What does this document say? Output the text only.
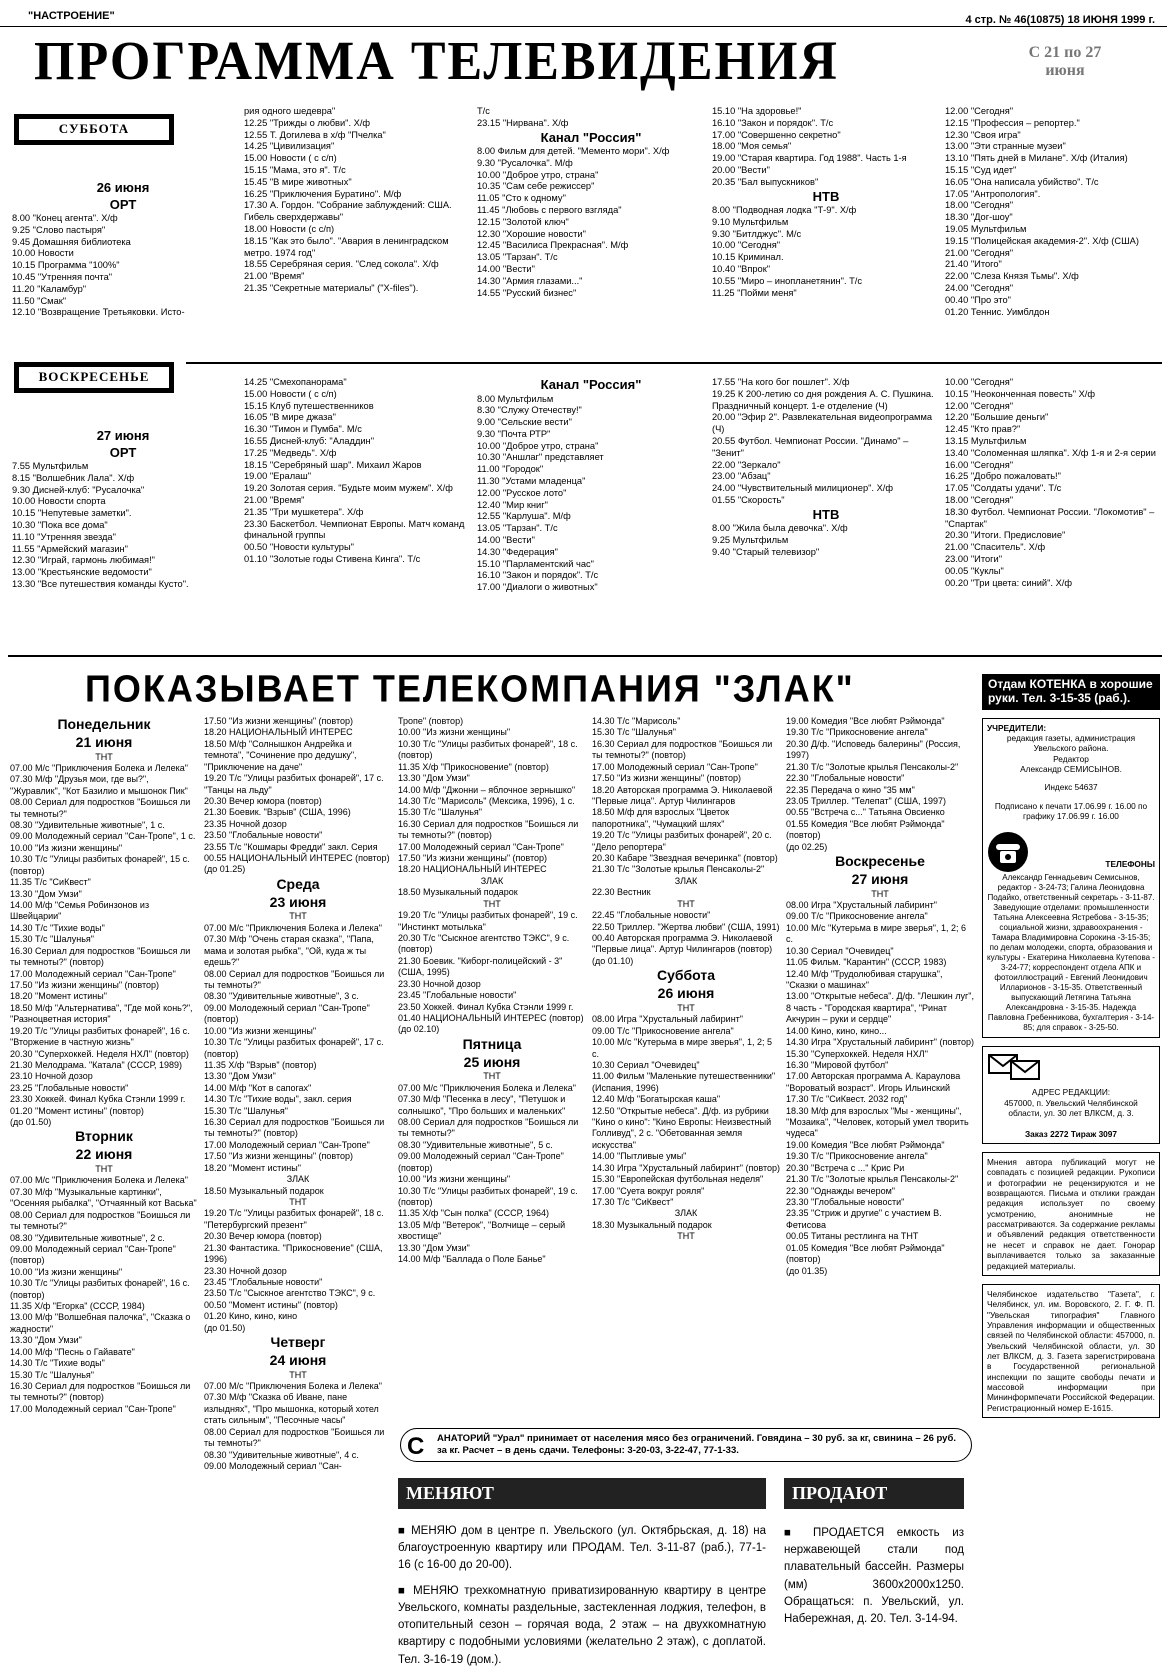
"НАСТРОЕНИЕ"	4 стр. № 46(10875) 18 ИЮНЯ 1999 г.
ПРОГРАММА ТЕЛЕВИДЕНИЯ	С 21 по 27
июня
СУББОТА

26 июня

ОРТ

8.00 "Конец агента". Х/ф

9.25 "Слово пастыря"

9.45 Домашняя библиотека

10.00 Новости

10.15 Программа "100%"

10.45 "Утренняя почта"

11.20 "Каламбур"

11.50 "Смак"

12.10 "Возвращение Третьяковки. Исто-

рия одного шедевра"

12.25 "Трижды о любви". Х/ф

12.55 Т. Догилева в х/ф "Пчелка"

14.25 "Цивилизация"

15.00 Новости ( с с/п)

15.15 "Мама, это я". Т/с

15.45 "В мире животных"

16.25 "Приключения Буратино". М/ф

17.30 А. Гордон. "Собрание заблуждений: США. Гибель сверхдержавы"

18.00 Новости (с с/п)

18.15 "Как это было". "Авария в ленинградском метро. 1974 год"

18.55 Серебряная серия. "След сокола". Х/ф

21.00 "Время"

21.35 "Секретные материалы" ("X-files").

Т/с

23.15 "Нирвана". Х/ф

Канал "Россия"

8.00 Фильм для детей. "Мементо мори". Х/ф

9.30 "Русалочка". М/ф

10.00 "Доброе утро, страна"

10.35 "Сам себе режиссер"

11.05 "Сто к одному"

11.45 "Любовь с первого взгляда"

12.15 "Золотой ключ"

12.30 "Хорошие новости"

12.45 "Василиса Прекрасная". М/ф

13.05 "Тарзан". Т/с

14.00 "Вести"

14.30 "Армия глазами..."

14.55 "Русский бизнес"

15.10 "На здоровье!"

16.10 "Закон и порядок". Т/с

17.00 "Совершенно секретно"

18.00 "Моя семья"

19.00 "Старая квартира. Год 1988". Часть 1-я

20.00 "Вести"

20.35 "Бал выпускников"

НТВ

8.00 "Подводная лодка "Т-9". Х/ф

9.10 Мультфильм

9.30 "Битлджус". М/с

10.00 "Сегодня"

10.15 Криминал.

10.40 "Впрок"

10.55 "Миро – инопланетянин". Т/с

11.25 "Пойми меня"

12.00 "Сегодня"

12.15 "Профессия – репортер."

12.30 "Своя игра"

13.00 "Эти странные музеи"

13.10 "Пять дней в Милане". Х/ф (Италия)

15.15 "Суд идет"

16.05 "Она написала убийство". Т/с

17.05 "Антропология".

18.00 "Сегодня"

18.30 "Дог-шоу"

19.05 Мультфильм

19.15 "Полицейская академия-2". Х/ф (США)

21.00 "Сегодня"

21.40 "Итого"

22.00 "Слеза Князя Тьмы". Х/ф

24.00 "Сегодня"

00.40 "Про это"

01.20 Теннис. Уимблдон

ВОСКРЕСЕНЬЕ

27 июня

ОРТ

7.55 Мультфильм

8.15 "Волшебник Лала". Х/ф

9.30 Дисней-клуб: "Русалочка"

10.00 Новости спорта

10.15 "Непутевые заметки".

10.30 "Пока все дома"

11.10 "Утренняя звезда"

11.55 "Армейский магазин"

12.30 "Играй, гармонь любимая!"

13.00 "Крестьянские ведомости"

13.30 "Все путешествия команды Кусто".

14.25 "Смехопанорама"

15.00 Новости ( с с/п)

15.15 Клуб путешественников

16.05 "В мире джаза"

16.30 "Тимон и Пумба". М/с

16.55 Дисней-клуб: "Аладдин"

17.25 "Медведь". Х/ф

18.15 "Серебряный шар". Михаил Жаров

19.00 "Ералаш"

19.20 Золотая серия. "Будьте моим мужем". Х/ф

21.00 "Время"

21.35 "Три мушкетера". Х/ф

23.30 Баскетбол. Чемпионат Европы. Матч команд финальной группы

00.50 "Новости культуры"

01.10 "Золотые годы Стивена Кинга". Т/с

Канал "Россия"

8.00 Мультфильм

8.30 "Служу Отечеству!"

9.00 "Сельские вести"

9.30 "Почта РТР"

10.00 "Доброе утро, страна"

10.30 "Аншлаг" представляет

11.00 "Городок"

11.30 "Устами младенца"

12.00 "Русское лото"

12.40 "Мир книг"

12.55 "Карлуша". М/ф

13.05 "Тарзан". Т/с

14.00 "Вести"

14.30 "Федерация"

15.10 "Парламентский час"

16.10 "Закон и порядок". Т/с

17.00 "Диалоги о животных"

17.55 "На кого бог пошлет". Х/ф

19.25 К 200-летию со дня рождения А. С. Пушкина. Праздничный концерт. 1-е отделение (Ч)

20.00 "Эфир 2". Развлекательная видеопрограмма (Ч)

20.55 Футбол. Чемпионат России. "Динамо" – "Зенит"

22.00 "Зеркало"

23.00 "Абзац"

24.00 "Чувствительный милиционер". Х/ф

01.55 "Скорость"

НТВ

8.00 "Жила была девочка". Х/ф

9.25 Мультфильм

9.40 "Старый телевизор"

10.00 "Сегодня"

10.15 "Неоконченная повесть" Х/ф

12.00 "Сегодня"

12.20 "Большие деньги"

12.45 "Кто прав?"

13.15 Мультфильм

13.40 "Соломенная шляпка". Х/ф 1-я и 2-я серии

16.00 "Сегодня"

16.25 "Добро пожаловать!"

17.05 "Солдаты удачи". Т/с

18.00 "Сегодня"

18.30 Футбол. Чемпионат России. "Локомотив" – "Спартак"

20.30 "Итоги. Предисловие"

21.00 "Спаситель". Х/ф

23.00 "Итоги"

00.05 "Куклы"

00.20 "Три цвета: синий". Х/ф

ПОКАЗЫВАЕТ ТЕЛЕКОМПАНИЯ "ЗЛАК"

Понедельник

21 июня

ТНТ

07.00 М/с "Приключения Болека и Лелека"

07.30 М/ф "Друзья мои, где вы?", "Журавлик", "Кот Базилио и мышонок Пик"

08.00 Сериал для подростков "Боишься ли ты темноты?"

08.30 "Удивительные животные", 1 с.

09.00 Молодежный сериал "Сан-Тропе", 1 с.

10.00 "Из жизни женщины"

10.30 Т/с "Улицы разбитых фонарей", 15 с. (повтор)

11.35 Т/с "СиКвест"

13.30 "Дом Умзи"

14.00 М/ф "Семья Робинзонов из Швейцарии"

14.30 Т/с "Тихие воды"

15.30 Т/с "Шалунья"

16.30 Сериал для подростков "Боишься ли ты темноты?" (повтор)

17.00 Молодежный сериал "Сан-Тропе"

17.50 "Из жизни женщины" (повтор)

18.20 "Момент истины"

18.50 М/ф "Альтернатива", "Где мой конь?", "Разноцветная история"

19.20 Т/с "Улицы разбитых фонарей", 16 с. "Вторжение в частную жизнь"

20.30 "Суперхоккей. Неделя НХЛ" (повтор)

21.30 Мелодрама. "Катала" (СССР, 1989)

23.10 Ночной дозор

23.25 "Глобальные новости"

23.30 Хоккей. Финал Кубка Стэнли 1999 г.

01.20 "Момент истины" (повтор)

(до 01.50)

Вторник

22 июня

ТНТ

07.00 М/с "Приключения Болека и Лелека"

07.30 М/ф "Музыкальные картинки", "Осенняя рыбалка", "Отчаянный кот Васька"

08.00 Сериал для подростков "Боишься ли ты темноты?"

08.30 "Удивительные животные", 2 с.

09.00 Молодежный сериал "Сан-Тропе" (повтор)

10.00 "Из жизни женщины"

10.30 Т/с "Улицы разбитых фонарей", 16 с. (повтор)

11.35 Х/ф "Егорка" (СССР, 1984)

13.00 М/ф "Волшебная палочка", "Сказка о жадности"

13.30 "Дом Умзи"

14.00 М/ф "Песнь о Гайавате"

14.30 Т/с "Тихие воды"

15.30 Т/с "Шалунья"

16.30 Сериал для подростков "Боишься ли ты темноты?" (повтор)

17.00 Молодежный сериал "Сан-Тропе"

17.50 "Из жизни женщины" (повтор)

18.20 НАЦИОНАЛЬНЫЙ ИНТЕРЕС

18.50 М/ф "Солнышкон Андрейка и темнота", "Сочинение про дедушку", "Приключение на даче"

19.20 Т/с "Улицы разбитых фонарей", 17 с. "Танцы на льду"

20.30 Вечер юмора (повтор)

21.30 Боевик. "Взрыв" (США, 1996)

23.35 Ночной дозор

23.50 "Глобальные новости"

23.55 Т/с "Кошмары Фредди" закл. Серия

00.55 НАЦИОНАЛЬНЫЙ ИНТЕРЕС (повтор)

(до 01.25)

Среда

23 июня

ТНТ

07.00 М/с "Приключения Болека и Лелека"

07.30 М/ф "Очень старая сказка", "Папа, мама и золотая рыбка", "Ой, куда ж ты едешь?"

08.00 Сериал для подростков "Боишься ли ты темноты?"

08.30 "Удивительные животные", 3 с.

09.00 Молодежный сериал "Сан-Тропе" (повтор)

10.00 "Из жизни женщины"

10.30 Т/с "Улицы разбитых фонарей", 17 с. (повтор)

11.35 Х/ф "Взрыв" (повтор)

13.30 "Дом Умзи"

14.00 М/ф "Кот в сапогах"

14.30 Т/с "Тихие воды", закл. серия

15.30 Т/с "Шалунья"

16.30 Сериал для подростков "Боишься ли ты темноты?" (повтор)

17.00 Молодежный сериал "Сан-Тропе"

17.50 "Из жизни женщины" (повтор)

18.20 "Момент истины"

ЗЛАК

18.50 Музыкальный подарок

ТНТ

19.20 Т/с "Улицы разбитых фонарей", 18 с. "Петербургский презент"

20.30 Вечер юмора (повтор)

21.30 Фантастика. "Прикосновение" (США, 1996)

23.30 Ночной дозор

23.45 "Глобальные новости"

23.50 Т/с "Сыскное агентство ТЭКС", 9 с.

00.50 "Момент истины" (повтор)

01.20 Кино, кино, кино

(до 01.50)

Четверг

24 июня

ТНТ

07.00 М/с "Приключения Болека и Лелека"

07.30 М/ф "Сказка об Иване, пане излыднях", "Про мышонка, который хотел стать сильным", "Песочные часы"

08.00 Сериал для подростков "Боишься ли ты темноты?"

08.30 "Удивительные животные", 4 с.

09.00 Молодежный сериал "Сан-

Тропе" (повтор)

10.00 "Из жизни женщины"

10.30 Т/с "Улицы разбитых фонарей", 18 с. (повтор)

11.35 Х/ф "Прикосновение" (повтор)

13.30 "Дом Умзи"

14.00 М/ф "Джонни – яблочное зернышко"

14.30 Т/с "Марисоль" (Мексика, 1996), 1 с.

15.30 Т/с "Шалунья"

16.30 Сериал для подростков "Боишься ли ты темноты?" (повтор)

17.00 Молодежный сериал "Сан-Тропе"

17.50 "Из жизни женщины" (повтор)

18.20 НАЦИОНАЛЬНЫЙ ИНТЕРЕС

ЗЛАК

18.50 Музыкальный подарок

ТНТ

19.20 Т/с "Улицы разбитых фонарей", 19 с. "Инстинкт мотылька"

20.30 Т/с "Сыскное агентство ТЭКС", 9 с. (повтор)

21.30 Боевик. "Киборг-полицейский - 3" (США, 1995)

23.30 Ночной дозор

23.45 "Глобальные новости"

23.50 Хоккей. Финал Кубка Стэнли 1999 г.

01.40 НАЦИОНАЛЬНЫЙ ИНТЕРЕС (повтор)

(до 02.10)

Пятница

25 июня

ТНТ

07.00 М/с "Приключения Болека и Лелека"

07.30 М/ф "Песенка в лесу", "Петушок и солнышко", "Про больших и маленьких"

08.00 Сериал для подростков "Боишься ли ты темноты?"

08.30 "Удивительные животные", 5 с.

09.00 Молодежный сериал "Сан-Тропе" (повтор)

10.00 "Из жизни женщины"

10.30 Т/с "Улицы разбитых фонарей", 19 с. (повтор)

11.35 Х/ф "Сын полка" (СССР, 1964)

13.05 М/ф "Ветерок", "Волчище – серый хвостище"

13.30 "Дом Умзи"

14.00 М/ф "Баллада о Поле Банье"

14.30 Т/с "Марисоль"

15.30 Т/с "Шалунья"

16.30 Сериал для подростков "Боишься ли ты темноты?" (повтор)

17.00 Молодежный сериал "Сан-Тропе"

17.50 "Из жизни женщины" (повтор)

18.20 Авторская программа Э. Николаевой "Первые лица". Артур Чилингаров

18.50 М/ф для взрослых "Цветок папоротника", "Чумацкий шлях"

19.20 Т/с "Улицы разбитых фонарей", 20 с. "Дело репортера"

20.30 Кабаре "Звездная вечеринка" (повтор)

21.30 Т/с "Золотые крылья Пенсаколы-2"

ЗЛАК

22.30 Вестник

ТНТ

22.45 "Глобальные новости"

22.50 Триллер. "Жертва любви" (США, 1991)

00.40 Авторская программа Э. Николаевой "Первые лица". Артур Чилингаров (повтор)

(до 01.10)

Суббота

26 июня

ТНТ

08.00 Игра "Хрустальный лабиринт"

09.00 Т/с "Прикосновение ангела"

10.00 М/с "Кутерьма в мире зверья", 1, 2; 5 с.

10.30 Сериал "Очевидец"

11.00 Фильм "Маленькие путешественники" (Испания, 1996)

12.40 М/ф "Богатырская каша"

12.50 "Открытые небеса". Д/ф. из рубрики "Кино о кино": "Кино Европы: Неизвестный Голливуд", 2 с. "Обетованная земля искусства"

14.00 "Пытливые умы"

14.30 Игра "Хрустальный лабиринт" (повтор)

15.30 "Европейская футбольная неделя"

17.00 "Суета вокруг рояля"

17.30 Т/с "СиКвест"

ЗЛАК

18.30 Музыкальный подарок

ТНТ

19.00 Комедия "Все любят Рэймонда"

19.30 Т/с "Прикосновение ангела"

20.30 Д/ф. "Исповедь балерины" (Россия, 1997)

21.30 Т/с "Золотые крылья Пенсаколы-2"

22.30 "Глобальные новости"

22.35 Передача о кино "35 мм"

23.05 Триллер. "Телепат" (США, 1997)

00.55 "Встреча с..." Татьяна Овсиенко

01.55 Комедия "Все любят Рэймонда" (повтор)

(до 02.25)

Воскресенье

27 июня

ТНТ

08.00 Игра "Хрустальный лабиринт"

09.00 Т/с "Прикосновение ангела"

10.00 М/с "Кутерьма в мире зверья", 1, 2; 6 с.

10.30 Сериал "Очевидец"

11.05 Фильм. "Карантин" (СССР, 1983)

12.40 М/ф "Трудолюбивая старушка", "Сказки о машинах"

13.00 "Открытые небеса". Д/ф. "Лешкин луг", 8 часть - "Городская квартира", "Ринат Акчурин – руки и сердце"

14.00 Кино, кино, кино...

14.30 Игра "Хрустальный лабиринт" (повтор)

15.30 "Суперхоккей. Неделя НХЛ"

16.30 "Мировой футбол"

17.00 Авторская программа А. Караулова "Вороватый возраст". Игорь Ильинский

17.30 Т/с "СиКвест. 2032 год"

18.30 М/ф для взрослых "Мы - женщины", "Мозаика", "Человек, который умел творить чудеса"

19.00 Комедия "Все любят Рэймонда"

19.30 Т/с "Прикосновение ангела"

20.30 "Встреча с ..." Крис Ри

21.30 Т/с "Золотые крылья Пенсаколы-2"

22.30 "Однажды вечером"

23.30 "Глобальные новости"

23.35 "Стриж и другие" с участием В. Фетисова

00.05 Титаны рестлинга на ТНТ

01.05 Комедия "Все любят Рэймонда" (повтор)

(до 01.35)

С АНАТОРИЙ "Урал" принимает от населения мясо без ограничений. Говядина – 30 руб. за кг, свинина – 26 руб. за кг. Расчет – в день сдачи. Телефоны: 3-20-03, 3-22-47, 77-1-33.
МЕНЯЮТ

■ МЕНЯЮ дом в центре п. Увельского (ул. Октябрьская, д. 18) на благоустроенную квартиру или ПРОДАМ. Тел. 3-11-87 (раб.), 77-1-16 (с 16-00 до 20-00).

■ МЕНЯЮ трехкомнатную приватизированную квартиру в центре Увельского, комнаты раздельные, застекленная лоджия, телефон, в отопительный сезон – горячая вода, 2 этаж – на двухкомнатную квартиру с подобными условиями (желательно 2 этаж), с доплатой. Тел. 3-16-19 (дом.).

ПРОДАЮТ

■ ПРОДАЕТСЯ емкость из нержавеющей стали под плавательный бассейн. Размеры (мм) 3600х2000х1250. Обращаться: п. Увельский, ул. Набережная, д. 20. Тел. 3-14-94.

Отдам КОТЕНКА в хорошие руки. Тел. 3-15-35 (раб.).
УЧРЕДИТЕЛИ:
редакция газеты, администрация Увельского района.
Редактор
Александр СЕМИСЫНОВ.
Индекс 54637
Подписано к печати 17.06.99 г. 16.00 по графику 17.06.99 г. 16.00
ТЕЛЕФОНЫ
Александр Геннадьевич Семисынов, редактор - 3-24-73; Галина Леонидовна Подайко, ответственный секретарь - 3-11-87. Заведующие отделами: промышленности Татьяна Алексеевна Ястребова - 3-15-35; социальной жизни, здравоохранения - Тамара Владимировна Сорокина -3-15-35; по делам молодежи, спорта, образования и культуры - Екатерина Николаевна Кутепова - 3-24-77; корреспондент отдела АПК и фотоиллюстраций - Евгений Леонидович Илларионов - 3-15-35. Ответственный выпускающий Летягина Татьяна Александровна - 3-15-35. Надежда Павловна Гребенникова, бухгалтерия - 3-14-85; для справок - 3-25-50.
АДРЕС РЕДАКЦИИ:
457000, п. Увельский Челябинской области, ул. 30 лет ВЛКСМ, д. 3.
Заказ 2272 Тираж 3097
Мнения автора публикаций могут не совпадать с позицией редакции. Рукописи и фотографии не рецензируются и не возвращаются. Письма и отклики граждан редакция использует по своему усмотрению, анонимные не рассматриваются. За содержание рекламы и объявлений редакция ответственности не несет и справок не дает. Гонорар выплачивается только за заказанные редакцией материалы.
Челябинское издательство "Газета", г. Челябинск, ул. им. Воровского, 2. Г. Ф. П. "Увельская типография" Главного Управления информации и общественных связей по Челябинской области: 457000, п. Увельский Челябинской области, ул. 30 лет ВЛКСМ, д. 3. Газета зарегистрирована в Государственной региональной инспекции по защите свободы печати и массовой информации при Мининформпечати Российской Федерации. Регистрационный номер Е-1615.
